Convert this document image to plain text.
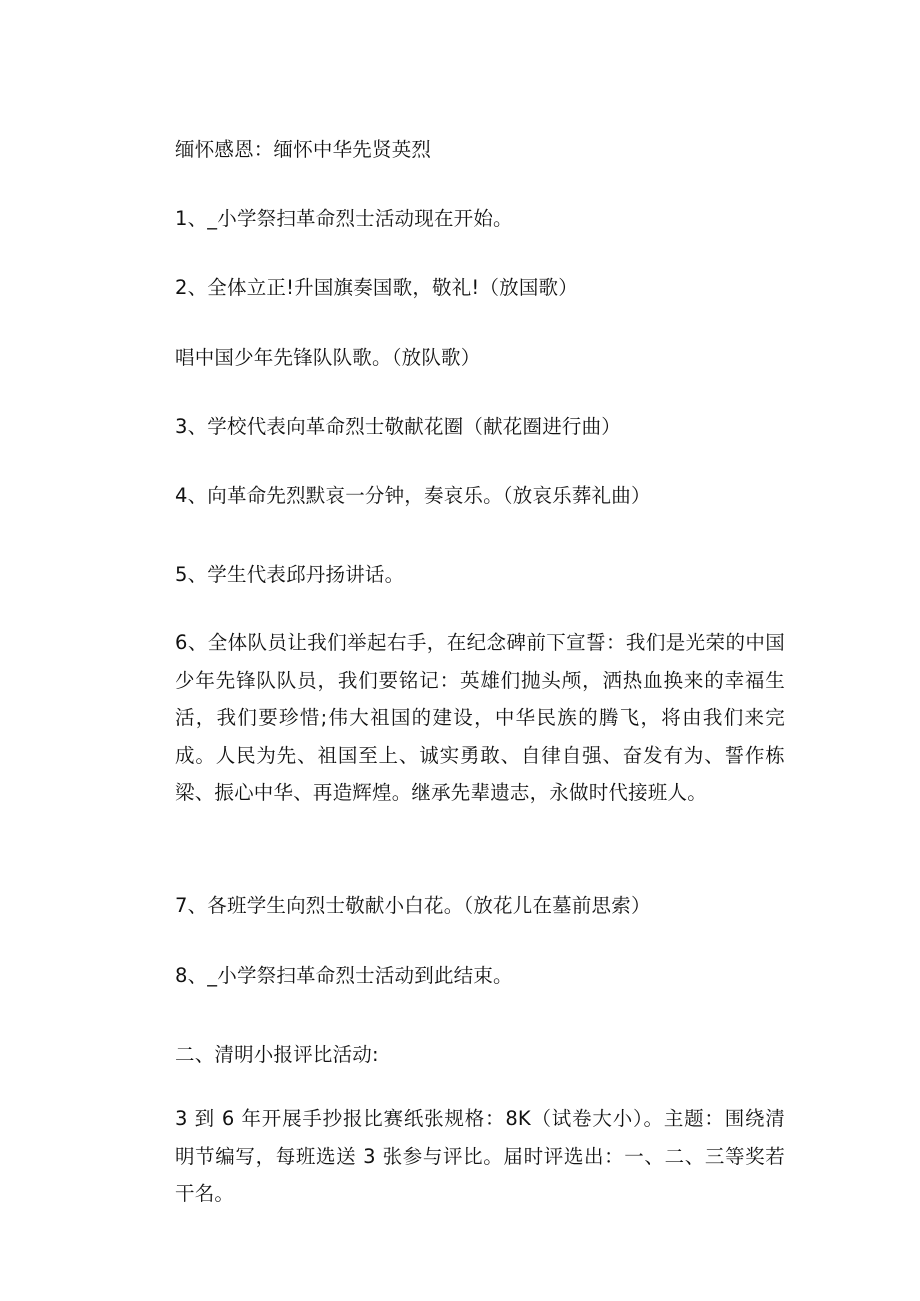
缅怀感恩：缅怀中华先贤英烈

1、_小学祭扫革命烈士活动现在开始。

2、全体立正!升国旗奏国歌，敬礼!（放国歌）

唱中国少年先锋队队歌。（放队歌）

3、学校代表向革命烈士敬献花圈（献花圈进行曲）

4、向革命先烈默哀一分钟，奏哀乐。（放哀乐葬礼曲）

5、学生代表邱丹扬讲话。

6、全体队员让我们举起右手，在纪念碑前下宣誓：我们是光荣的中国少年先锋队队员，我们要铭记：英雄们抛头颅，洒热血换来的幸福生活，我们要珍惜;伟大祖国的建设，中华民族的腾飞，将由我们来完成。人民为先、祖国至上、诚实勇敢、自律自强、奋发有为、誓作栋梁、振心中华、再造辉煌。继承先辈遗志，永做时代接班人。

7、各班学生向烈士敬献小白花。（放花儿在墓前思索）

8、_小学祭扫革命烈士活动到此结束。

二、清明小报评比活动:

3 到 6 年开展手抄报比赛纸张规格：8K（试卷大小）。主题：围绕清明节编写，每班选送 3 张参与评比。届时评选出：一、二、三等奖若干名。
